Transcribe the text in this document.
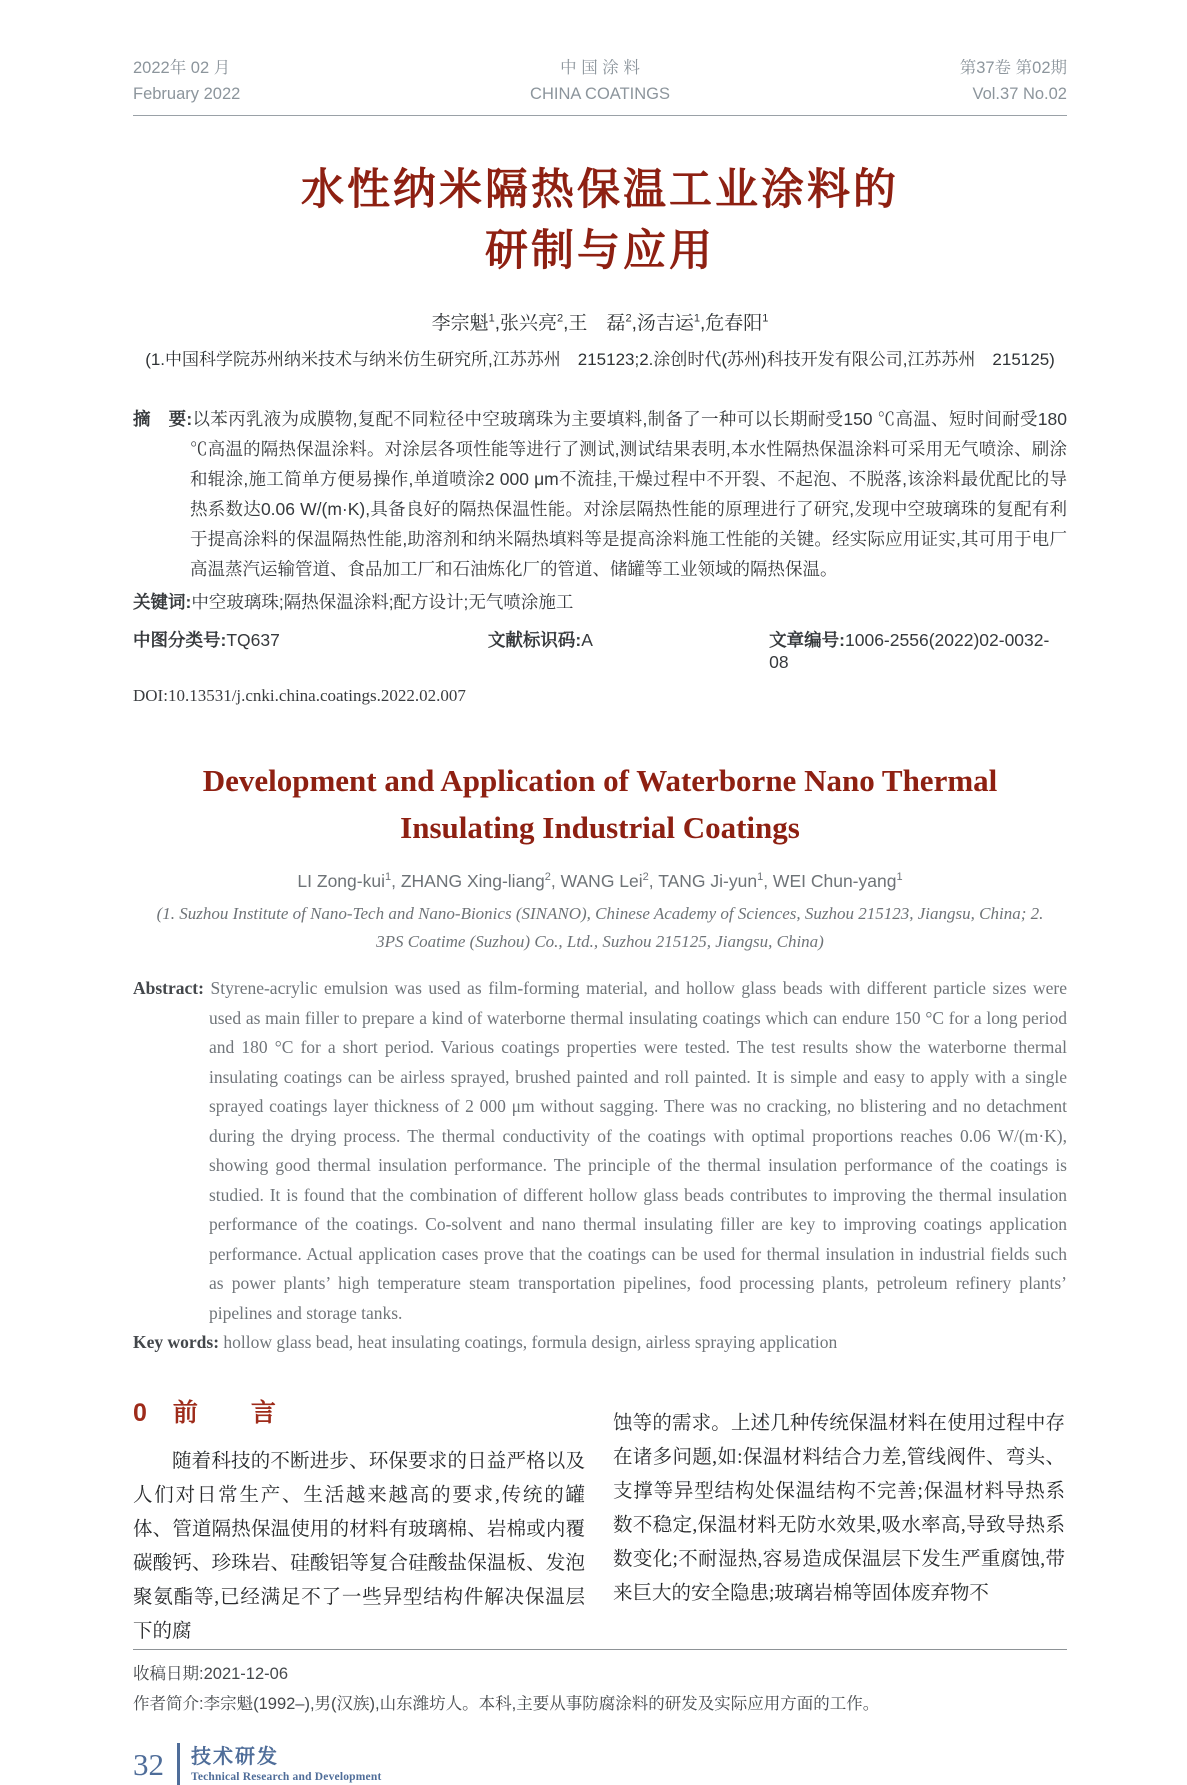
2022年 02 月
February 2022
中 国 涂 料
CHINA COATINGS
第37卷 第02期
Vol.37 No.02
水性纳米隔热保温工业涂料的
研制与应用
李宗魁$^1$,张兴亮$^2$,王　磊$^2$,汤吉运$^1$,危春阳$^1$
(1.中国科学院苏州纳米技术与纳米仿生研究所,江苏苏州　215123;2.涂创时代(苏州)科技开发有限公司,江苏苏州　215125)
摘　要:以苯丙乳液为成膜物,复配不同粒径中空玻璃珠为主要填料,制备了一种可以长期耐受150 ℃高温、短时间耐受180 ℃高温的隔热保温涂料。对涂层各项性能等进行了测试,测试结果表明,本水性隔热保温涂料可采用无气喷涂、刷涂和辊涂,施工简单方便易操作,单道喷涂2 000 μm不流挂,干燥过程中不开裂、不起泡、不脱落,该涂料最优配比的导热系数达0.06 W/(m·K),具备良好的隔热保温性能。对涂层隔热性能的原理进行了研究,发现中空玻璃珠的复配有利于提高涂料的保温隔热性能,助溶剂和纳米隔热填料等是提高涂料施工性能的关键。经实际应用证实,其可用于电厂高温蒸汽运输管道、食品加工厂和石油炼化厂的管道、储罐等工业领域的隔热保温。
关键词:中空玻璃珠;隔热保温涂料;配方设计;无气喷涂施工
中图分类号:TQ637	文献标识码:A	文章编号:1006-2556(2022)02-0032-08
DOI:10.13531/j.cnki.china.coatings.2022.02.007
Development and Application of Waterborne Nano Thermal
Insulating Industrial Coatings
LI Zong-kui$^1$, ZHANG Xing-liang$^2$, WANG Lei$^2$, TANG Ji-yun$^1$, WEI Chun-yang$^1$
(1. Suzhou Institute of Nano-Tech and Nano-Bionics (SINANO), Chinese Academy of Sciences, Suzhou 215123, Jiangsu, China; 2.
3PS Coatime (Suzhou) Co., Ltd., Suzhou 215125, Jiangsu, China)
Abstract: Styrene-acrylic emulsion was used as film-forming material, and hollow glass beads with different particle sizes were used as main filler to prepare a kind of waterborne thermal insulating coatings which can endure 150 °C for a long period and 180 °C for a short period. Various coatings properties were tested. The test results show the waterborne thermal insulating coatings can be airless sprayed, brushed painted and roll painted. It is simple and easy to apply with a single sprayed coatings layer thickness of 2 000 μm without sagging. There was no cracking, no blistering and no detachment during the drying process. The thermal conductivity of the coatings with optimal proportions reaches 0.06 W/(m·K), showing good thermal insulation performance. The principle of the thermal insulation performance of the coatings is studied. It is found that the combination of different hollow glass beads contributes to improving the thermal insulation performance of the coatings. Co-solvent and nano thermal insulating filler are key to improving coatings application performance. Actual application cases prove that the coatings can be used for thermal insulation in industrial fields such as power plants’ high temperature steam transportation pipelines, food processing plants, petroleum refinery plants’ pipelines and storage tanks.
Key words: hollow glass bead, heat insulating coatings, formula design, airless spraying application
0 前　言
随着科技的不断进步、环保要求的日益严格以及人们对日常生产、生活越来越高的要求,传统的罐体、管道隔热保温使用的材料有玻璃棉、岩棉或内覆碳酸钙、珍珠岩、硅酸铝等复合硅酸盐保温板、发泡聚氨酯等,已经满足不了一些异型结构件解决保温层下的腐
蚀等的需求。上述几种传统保温材料在使用过程中存在诸多问题,如:保温材料结合力差,管线阀件、弯头、支撑等异型结构处保温结构不完善;保温材料导热系数不稳定,保温材料无防水效果,吸水率高,导致导热系数变化;不耐湿热,容易造成保温层下发生严重腐蚀,带来巨大的安全隐患;玻璃岩棉等固体废弃物不
收稿日期:2021-12-06
作者简介:李宗魁(1992–),男(汉族),山东潍坊人。本科,主要从事防腐涂料的研发及实际应用方面的工作。
32 技术研发
Technical Research and Development
